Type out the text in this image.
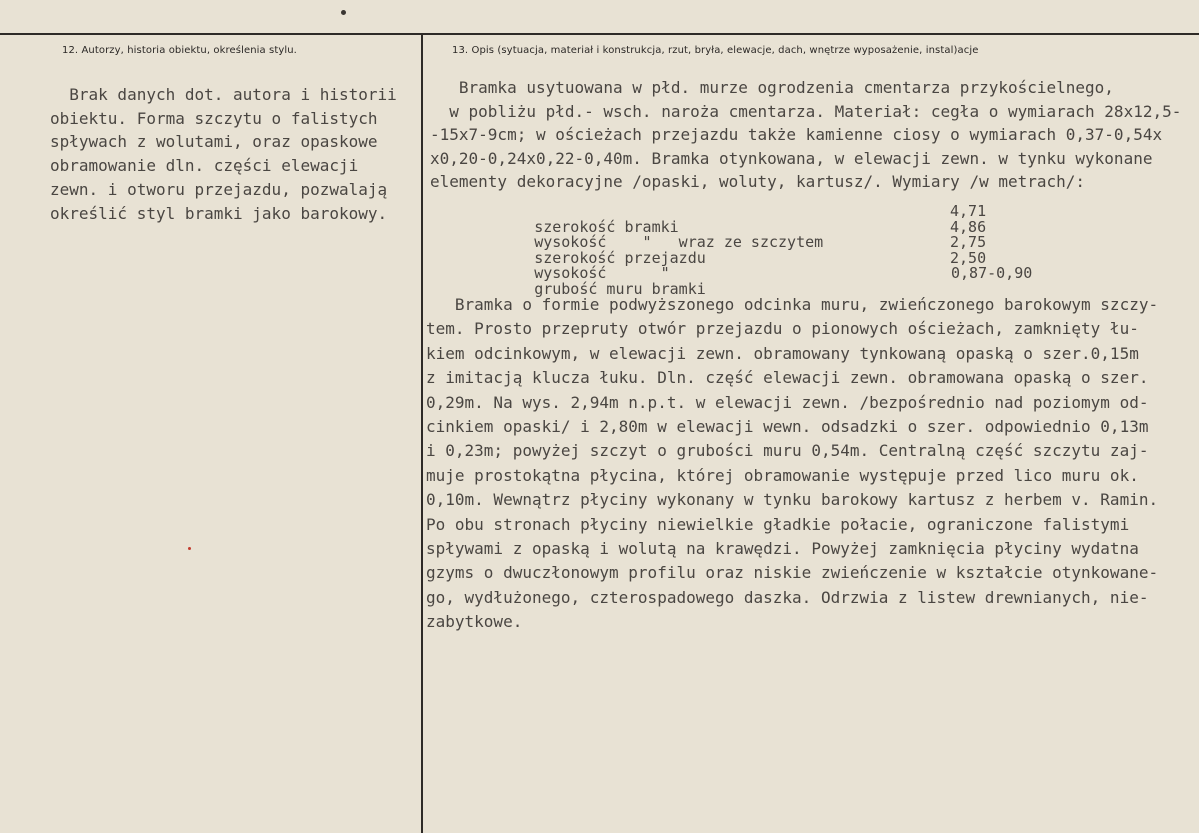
12. Autorzy, historia obiektu, określenia stylu.	13. Opis (sytuacja, materiał i konstrukcja, rzut, bryła, elewacje, dach, wnętrze wyposażenie, instal)acje
Brak danych dot. autora i historii
obiektu. Forma szczytu o falistych
spływach z wolutami, oraz opaskowe
obramowanie dln. części elewacji
zewn. i otworu przejazdu, pozwalają
określić styl bramki jako barokowy.
Bramka usytuowana w płd. murze ogrodzenia cmentarza przykościelnego,
w pobliżu płd.- wsch. naroża cmentarza. Materiał: cegła o wymiarach 28x12,5-
-15x7-9cm; w ościeżach przejazdu także kamienne ciosy o wymiarach 0,37-0,54x
x0,20-0,24x0,22-0,40m. Bramka otynkowana, w elewacji zewn. w tynku wykonane
elementy dekoracyjne /opaski, woluty, kartusz/. Wymiary /w metrach/:

szerokość bramki

4,71

wysokość    "   wraz ze szczytem

4,86

szerokość przejazdu

2,75

wysokość      "

2,50

grubość muru bramki

0,87-0,90

Bramka o formie podwyższonego odcinka muru, zwieńczonego barokowym szczy-
tem. Prosto przepruty otwór przejazdu o pionowych ościeżach, zamknięty łu-
kiem odcinkowym, w elewacji zewn. obramowany tynkowaną opaską o szer.0,15m
z imitacją klucza łuku. Dln. część elewacji zewn. obramowana opaską o szer.
0,29m. Na wys. 2,94m n.p.t. w elewacji zewn. /bezpośrednio nad poziomym od-
cinkiem opaski/ i 2,80m w elewacji wewn. odsadzki o szer. odpowiednio 0,13m
i 0,23m; powyżej szczyt o grubości muru 0,54m. Centralną część szczytu zaj-
muje prostokątna płycina, której obramowanie występuje przed lico muru ok.
0,10m. Wewnątrz płyciny wykonany w tynku barokowy kartusz z herbem v. Ramin.
Po obu stronach płyciny niewielkie gładkie połacie, ograniczone falistymi
spływami z opaską i wolutą na krawędzi. Powyżej zamknięcia płyciny wydatna
gzyms o dwuczłonowym profilu oraz niskie zwieńczenie w kształcie otynkowane-
go, wydłużonego, czterospadowego daszka. Odrzwia z listew drewnianych, nie-
zabytkowe.
